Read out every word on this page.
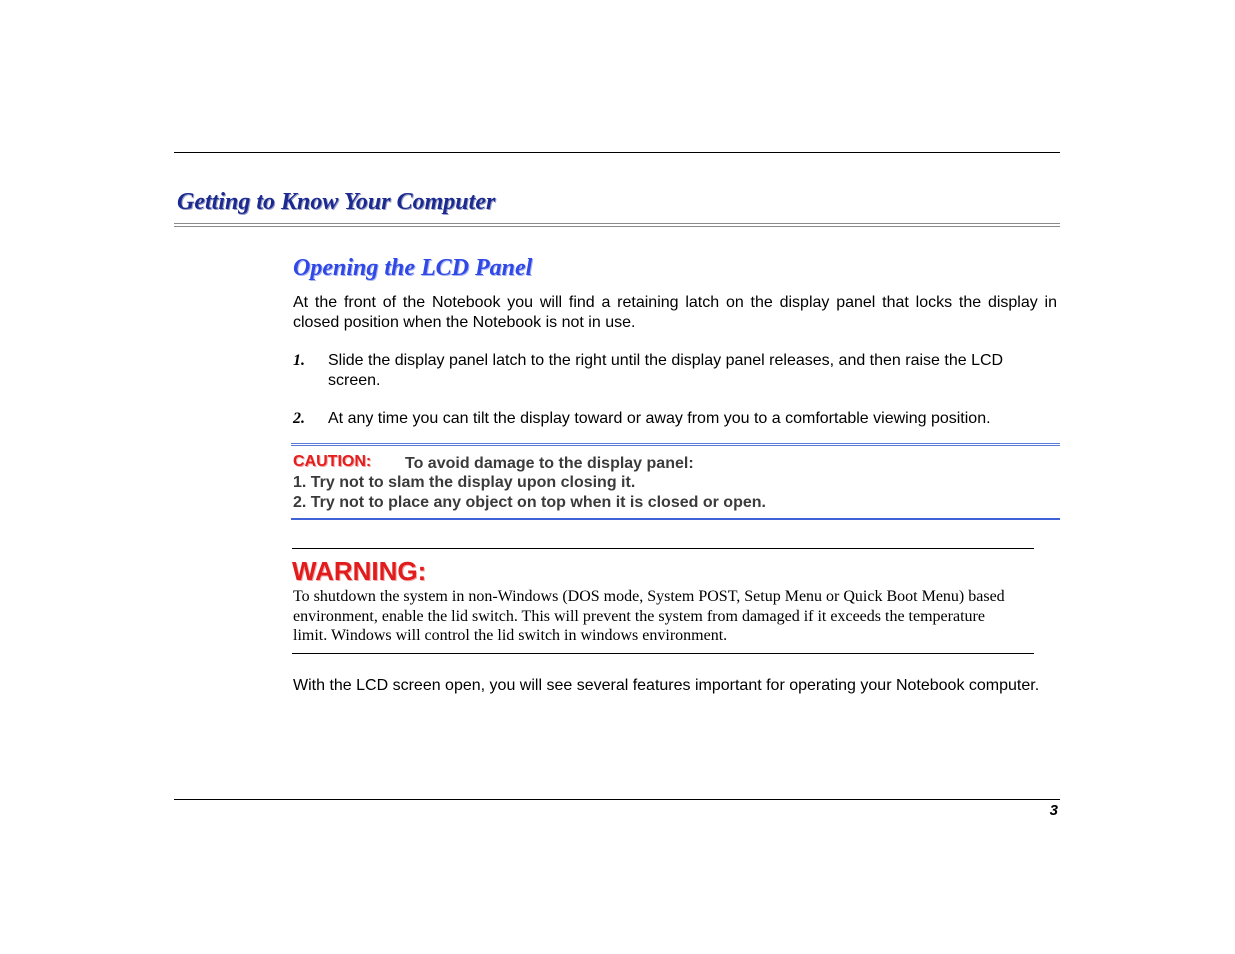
Getting to Know Your Computer
Opening the LCD Panel

At the front of the Notebook you will find a retaining latch on the display panel that locks the display in closed position when the Notebook is not in use.

1. Slide the display panel latch to the right until the display panel releases, and then raise the LCD screen.
2. At any time you can tilt the display toward or away from you to a comfortable viewing position.
CAUTION: To avoid damage to the display panel:
1. Try not to slam the display upon closing it.
2. Try not to place any object on top when it is closed or open.
WARNING:

To shutdown the system in non-Windows (DOS mode, System POST, Setup Menu or Quick Boot Menu) based environment, enable the lid switch. This will prevent the system from damaged if it exceeds the temperature limit. Windows will control the lid switch in windows environment.

With the LCD screen open, you will see several features important for operating your Notebook computer.

3
